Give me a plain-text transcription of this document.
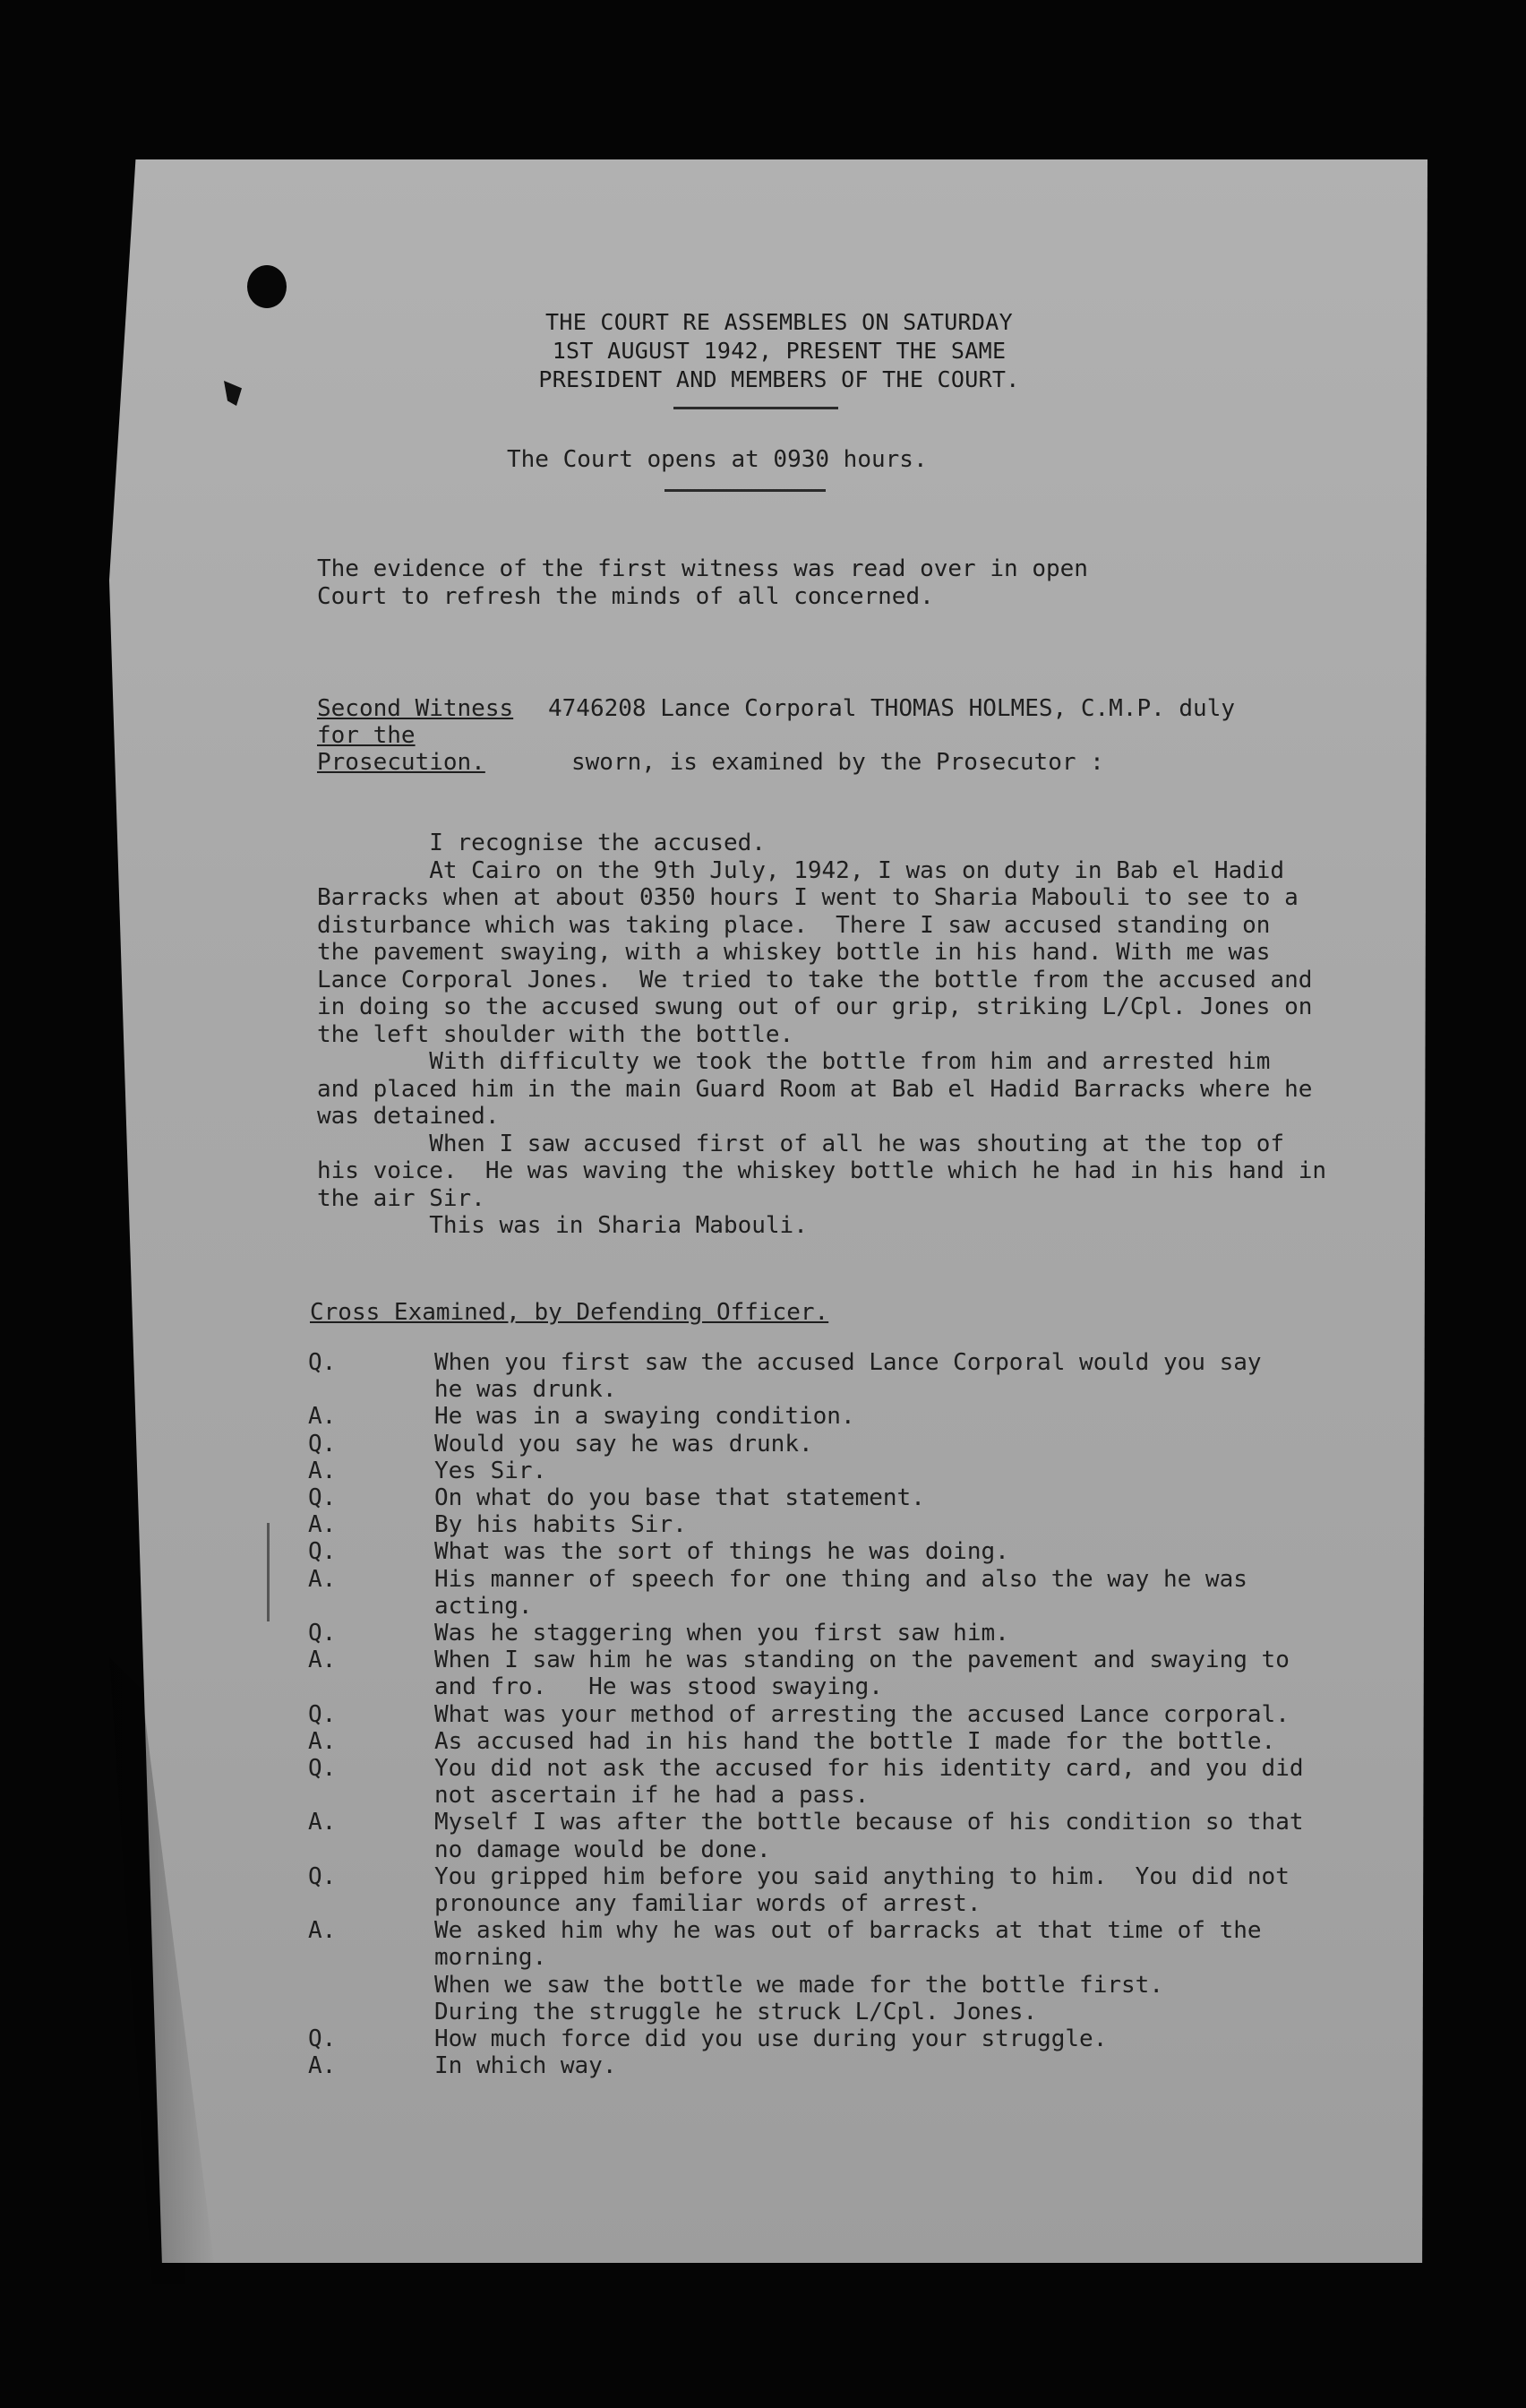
THE COURT RE ASSEMBLES ON SATURDAY
1ST AUGUST 1942, PRESENT THE SAME
PRESIDENT AND MEMBERS OF THE COURT.
The Court opens at 0930 hours.
The evidence of the first witness was read over in open
Court to refresh the minds of all concerned.
Second Witness
for the
Prosecution.
4746208 Lance Corporal THOMAS HOLMES, C.M.P. duly
sworn, is examined by the Prosecutor :
I recognise the accused.
At Cairo on the 9th July, 1942, I was on duty in Bab el Hadid
Barracks when at about 0350 hours I went to Sharia Mabouli to see to a
disturbance which was taking place.  There I saw accused standing on
the pavement swaying, with a whiskey bottle in his hand. With me was
Lance Corporal Jones.  We tried to take the bottle from the accused and
in doing so the accused swung out of our grip, striking L/Cpl. Jones on
the left shoulder with the bottle.
With difficulty we took the bottle from him and arrested him
and placed him in the main Guard Room at Bab el Hadid Barracks where he
was detained.
When I saw accused first of all he was shouting at the top of
his voice.  He was waving the whiskey bottle which he had in his hand in
the air Sir.
This was in Sharia Mabouli.
Cross Examined, by Defending Officer.
Q.	When you first saw the accused Lance Corporal would you say
he was drunk.
A.	He was in a swaying condition.
Q.	Would you say he was drunk.
A.	Yes Sir.
Q.	On what do you base that statement.
A.	By his habits Sir.
Q.	What was the sort of things he was doing.
A.	His manner of speech for one thing and also the way he was
acting.
Q.	Was he staggering when you first saw him.
A.	When I saw him he was standing on the pavement and swaying to
and fro.   He was stood swaying.
Q.	What was your method of arresting the accused Lance corporal.
A.	As accused had in his hand the bottle I made for the bottle.
Q.	You did not ask the accused for his identity card, and you did
not ascertain if he had a pass.
A.	Myself I was after the bottle because of his condition so that
no damage would be done.
Q.	You gripped him before you said anything to him.  You did not
pronounce any familiar words of arrest.
A.	We asked him why he was out of barracks at that time of the
morning.
When we saw the bottle we made for the bottle first.
During the struggle he struck L/Cpl. Jones.
Q.	How much force did you use during your struggle.
A.	In which way.
